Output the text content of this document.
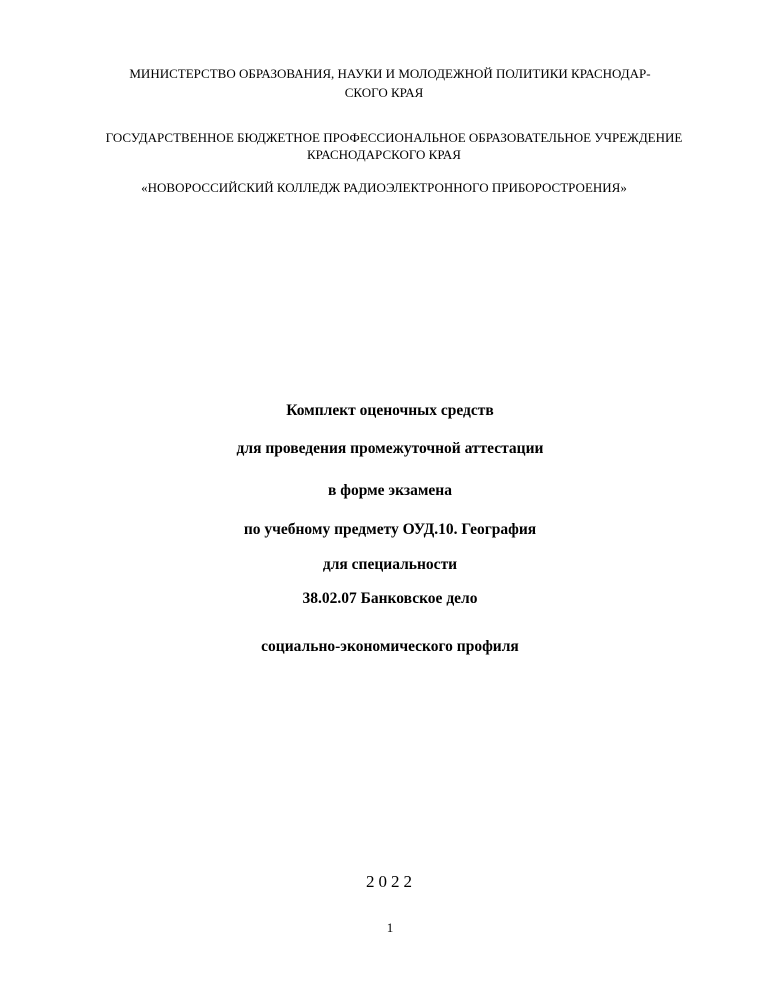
МИНИСТЕРСТВО ОБРАЗОВАНИЯ, НАУКИ И МОЛОДЕЖНОЙ ПОЛИТИКИ КРАСНОДАР-
СКОГО КРАЯ
ГОСУДАРСТВЕННОЕ БЮДЖЕТНОЕ ПРОФЕССИОНАЛЬНОЕ ОБРАЗОВАТЕЛЬНОЕ УЧРЕЖДЕНИЕ
КРАСНОДАРСКОГО КРАЯ
«НОВОРОССИЙСКИЙ КОЛЛЕДЖ РАДИОЭЛЕКТРОННОГО ПРИБОРОСТРОЕНИЯ»
Комплект оценочных средств
для проведения промежуточной аттестации
в форме экзамена
по учебному предмету ОУД.10. География
для специальности
38.02.07 Банковское дело
социально-экономического профиля
2022
1
